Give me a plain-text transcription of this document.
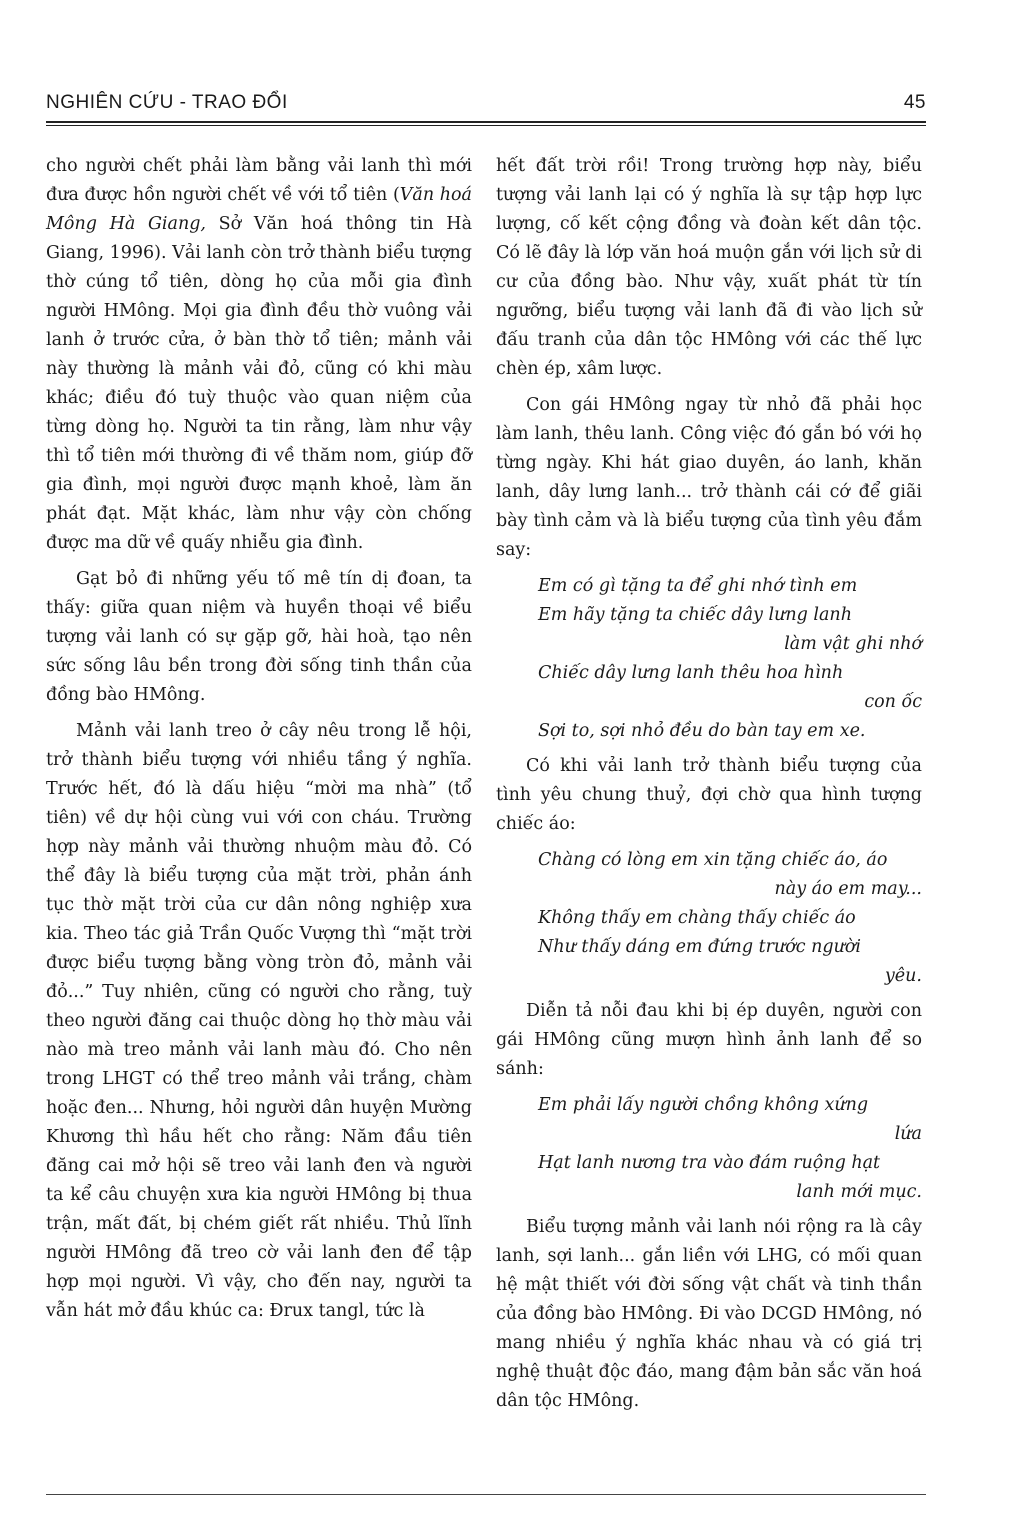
NGHIÊN CỨU - TRAO ĐỔI	45

cho người chết phải làm bằng vải lanh thì mới đưa được hồn người chết về với tổ tiên (Văn hoá Mông Hà Giang, Sở Văn hoá thông tin Hà Giang, 1996). Vải lanh còn trở thành biểu tượng thờ cúng tổ tiên, dòng họ của mỗi gia đình người HMông. Mọi gia đình đều thờ vuông vải lanh ở trước cửa, ở bàn thờ tổ tiên; mảnh vải này thường là mảnh vải đỏ, cũng có khi màu khác; điều đó tuỳ thuộc vào quan niệm của từng dòng họ. Người ta tin rằng, làm như vậy thì tổ tiên mới thường đi về thăm nom, giúp đỡ gia đình, mọi người được mạnh khoẻ, làm ăn phát đạt. Mặt khác, làm như vậy còn chống được ma dữ về quấy nhiễu gia đình.

Gạt bỏ đi những yếu tố mê tín dị đoan, ta thấy: giữa quan niệm và huyền thoại về biểu tượng vải lanh có sự gặp gỡ, hài hoà, tạo nên sức sống lâu bền trong đời sống tinh thần của đồng bào HMông.

Mảnh vải lanh treo ở cây nêu trong lễ hội, trở thành biểu tượng với nhiều tầng ý nghĩa. Trước hết, đó là dấu hiệu “mời ma nhà” (tổ tiên) về dự hội cùng vui với con cháu. Trường hợp này mảnh vải thường nhuộm màu đỏ. Có thể đây là biểu tượng của mặt trời, phản ánh tục thờ mặt trời của cư dân nông nghiệp xưa kia. Theo tác giả Trần Quốc Vượng thì “mặt trời được biểu tượng bằng vòng tròn đỏ, mảnh vải đỏ...” Tuy nhiên, cũng có người cho rằng, tuỳ theo người đăng cai thuộc dòng họ thờ màu vải nào mà treo mảnh vải lanh màu đó. Cho nên trong LHGT có thể treo mảnh vải trắng, chàm hoặc đen... Nhưng, hỏi người dân huyện Mường Khương thì hầu hết cho rằng: Năm đầu tiên đăng cai mở hội sẽ treo vải lanh đen và người ta kể câu chuyện xưa kia người HMông bị thua trận, mất đất, bị chém giết rất nhiều. Thủ lĩnh người HMông đã treo cờ vải lanh đen để tập hợp mọi người. Vì vậy, cho đến nay, người ta vẫn hát mở đầu khúc ca: Đrux tangl, tức là

hết đất trời rồi! Trong trường hợp này, biểu tượng vải lanh lại có ý nghĩa là sự tập hợp lực lượng, cố kết cộng đồng và đoàn kết dân tộc. Có lẽ đây là lớp văn hoá muộn gắn với lịch sử di cư của đồng bào. Như vậy, xuất phát từ tín ngưỡng, biểu tượng vải lanh đã đi vào lịch sử đấu tranh của dân tộc HMông với các thế lực chèn ép, xâm lược.

Con gái HMông ngay từ nhỏ đã phải học làm lanh, thêu lanh. Công việc đó gắn bó với họ từng ngày. Khi hát giao duyên, áo lanh, khăn lanh, dây lưng lanh... trở thành cái cớ để giãi bày tình cảm và là biểu tượng của tình yêu đắm say:

Em có gì tặng ta để ghi nhớ tình em
Em hãy tặng ta chiếc dây lưng lanh
làm vật ghi nhớ
Chiếc dây lưng lanh thêu hoa hình
con ốc
Sợi to, sợi nhỏ đều do bàn tay em xe.

Có khi vải lanh trở thành biểu tượng của tình yêu chung thuỷ, đợi chờ qua hình tượng chiếc áo:

Chàng có lòng em xin tặng chiếc áo, áo
này áo em may...
Không thấy em chàng thấy chiếc áo
Như thấy dáng em đứng trước người
yêu.

Diễn tả nỗi đau khi bị ép duyên, người con gái HMông cũng mượn hình ảnh lanh để so sánh:

Em phải lấy người chồng không xứng
lứa
Hạt lanh nương tra vào đám ruộng hạt
lanh mới mục.

Biểu tượng mảnh vải lanh nói rộng ra là cây lanh, sợi lanh... gắn liền với LHG, có mối quan hệ mật thiết với đời sống vật chất và tinh thần của đồng bào HMông. Đi vào DCGD HMông, nó mang nhiều ý nghĩa khác nhau và có giá trị nghệ thuật độc đáo, mang đậm bản sắc văn hoá dân tộc HMông.
